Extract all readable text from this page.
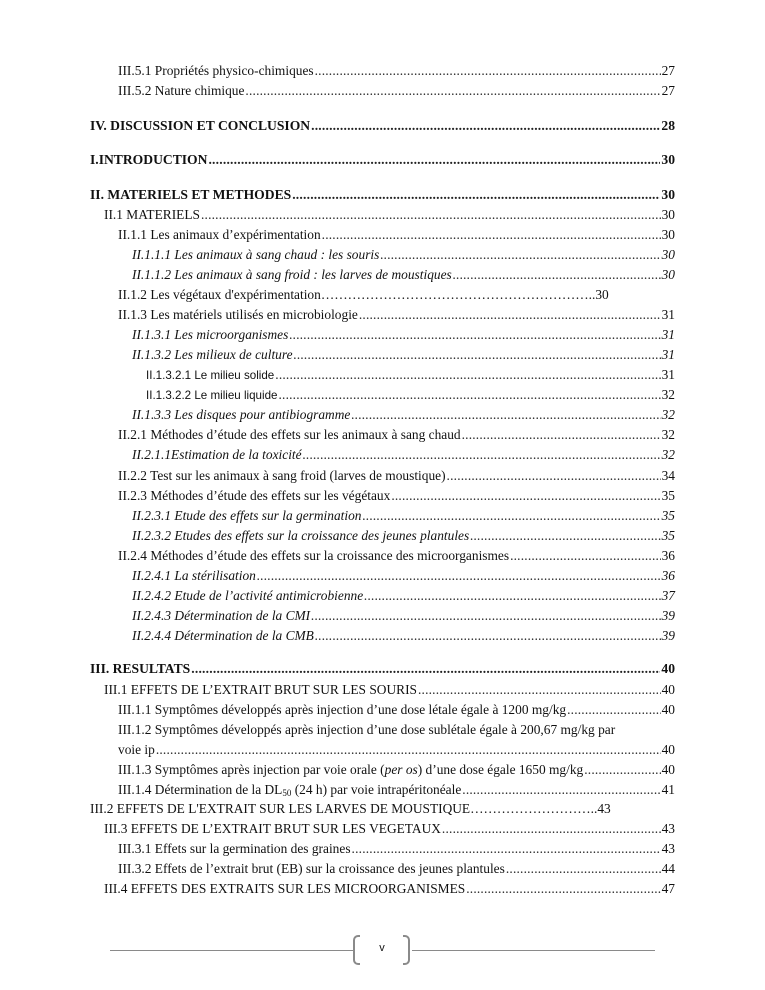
III.5.1 Propriétés physico-chimiques .....	27
III.5.2 Nature chimique .....	27
IV. DISCUSSION ET CONCLUSION .....	28
I.INTRODUCTION .....	30
II. MATERIELS ET METHODES .....	30
II.1 MATERIELS .....	30
II.1.1 Les animaux d’expérimentation .....	30
II.1.1.1 Les animaux à sang chaud : les souris .....	30
II.1.1.2 Les animaux à sang froid : les larves de moustiques .....	30
II.1.2 Les végétaux d'expérimentation …………………………………………………….. 30
II.1.3 Les matériels utilisés en microbiologie .....	31
II.1.3.1 Les microorganismes .....	31
II.1.3.2 Les milieux de culture .....	31
II.1.3.2.1 Le milieu solide .....	31
II.1.3.2.2 Le milieu liquide .....	32
II.1.3.3 Les disques pour antibiogramme .....	32
II.2.1 Méthodes d’étude des effets sur les animaux à sang chaud .....	32
II.2.1.1Estimation de la toxicité .....	32
II.2.2 Test sur les animaux à sang froid (larves de moustique) .....	34
II.2.3 Méthodes d’étude des effets sur les végétaux .....	35
II.2.3.1 Etude des effets sur la germination .....	35
II.2.3.2 Etudes des effets sur la croissance des jeunes plantules .....	35
II.2.4 Méthodes d’étude des effets sur la croissance des microorganismes .....	36
II.2.4.1 La stérilisation .....	36
II.2.4.2 Etude de l’activité antimicrobienne .....	37
II.2.4.3 Détermination de la CMI .....	39
II.2.4.4 Détermination de la CMB .....	39
III. RESULTATS .....	40
III.1 EFFETS DE L’EXTRAIT BRUT SUR LES SOURIS .....	40
III.1.1 Symptômes développés après injection d’une dose létale égale à 1200 mg/kg .....	40
III.1.2 Symptômes développés après injection d’une dose sublétale égale à 200,67 mg/kg par
voie ip .....	40
III.1.3 Symptômes après injection par voie orale (per os) d’une dose égale 1650 mg/kg .....	40
III.1.4 Détermination de la $DL_{50}$ (24 h) par voie intrapéritonéale .....	41
III.2 EFFETS DE L'EXTRAIT SUR LES LARVES DE MOUSTIQUE ……………………….. 43
III.3 EFFETS DE L’EXTRAIT BRUT SUR LES VEGETAUX .....	43
III.3.1 Effets sur la germination des graines .....	43
III.3.2 Effets de l’extrait brut (EB) sur la croissance des jeunes plantules .....	44
III.4 EFFETS DES EXTRAITS SUR LES MICROORGANISMES .....	47
v
